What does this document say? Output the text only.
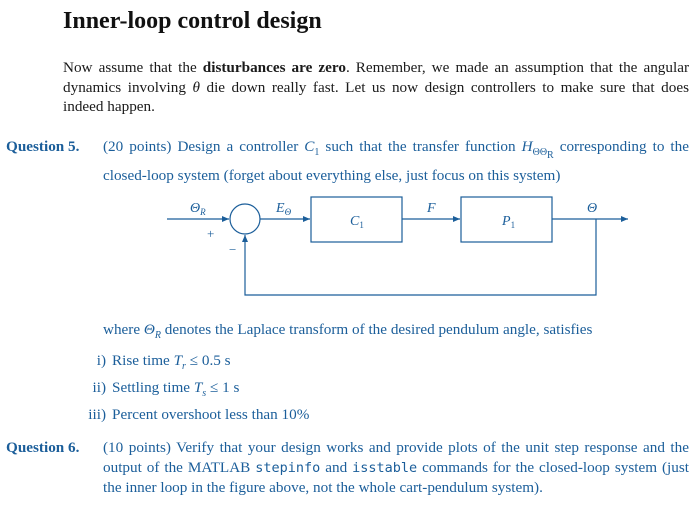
Inner-loop control design
Now assume that the disturbances are zero. Remember, we made an assumption that the angular dynamics involving θ die down really fast. Let us now design controllers to make sure that does indeed happen.
Question 5. (20 points) Design a controller $C_1$ such that the transfer function $H_{\Theta\Theta_R}$ corresponding to the closed-loop system (forget about everything else, just focus on this system)
$\Theta_R$
+
−
$E_\Theta$
$C_1$
F
$P_1$
Θ
where $\Theta_R$ denotes the Laplace transform of the desired pendulum angle, satisfies
i) Rise time $T_r \le 0.5$ s
ii) Settling time $T_s \le 1$ s
iii) Percent overshoot less than 10%
Question 6. (10 points) Verify that your design works and provide plots of the unit step response and the output of the MATLAB stepinfo and isstable commands for the closed-loop system (just the inner loop in the figure above, not the whole cart-pendulum system).
